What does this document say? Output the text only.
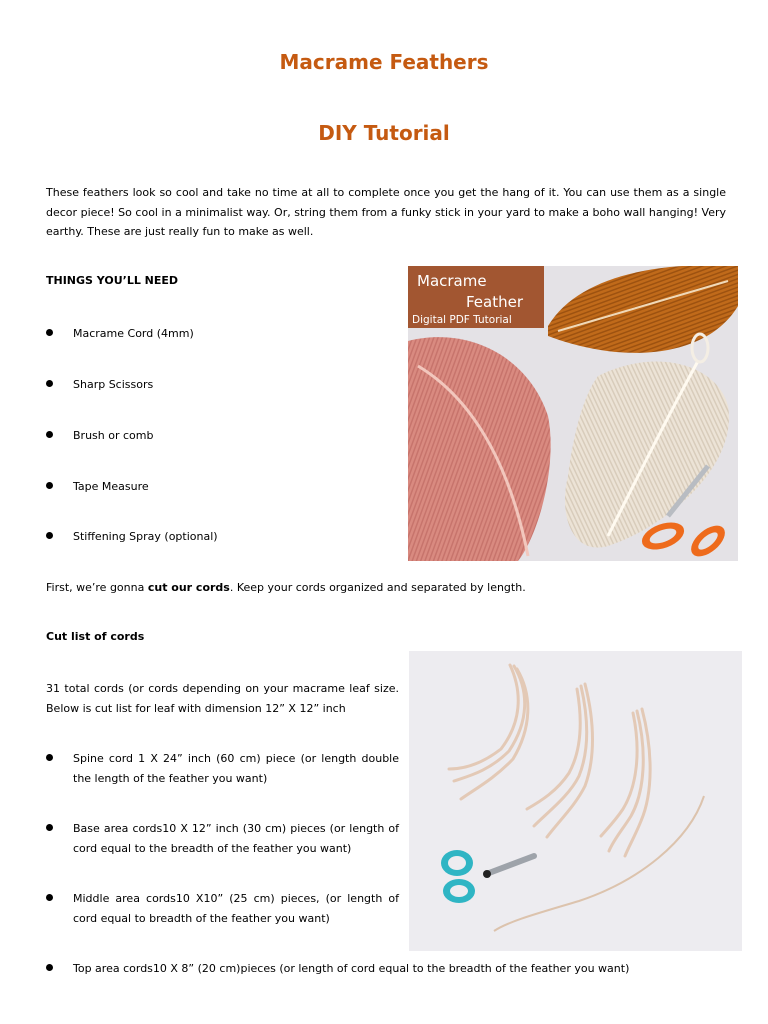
Macrame Feathers
DIY Tutorial
These feathers look so cool and take no time at all to complete once you get the hang of it. You can use them as a single decor piece! So cool in a minimalist way. Or, string them from a funky stick in your yard to make a boho wall hanging! Very earthy. These are just really fun to make as well.
THINGS YOU’LL NEED
Macrame Cord (4mm)
Sharp Scissors
Brush or comb
Tape Measure
Stiffening Spray (optional)
Macrame
Feather
Digital PDF Tutorial
First, we’re gonna cut our cords. Keep your cords organized and separated by length.
Cut list of cords
31 total cords (or cords depending on your macrame leaf size. Below is cut list for leaf with dimension 12” X 12” inch
Spine cord 1 X 24” inch (60 cm) piece (or length double the length of the feather you want)
Base area cords10 X 12” inch (30 cm) pieces (or length of cord equal to the breadth of the feather you want)
Middle area cords10 X10” (25 cm) pieces, (or length of cord equal to breadth of the feather you want)
Top area cords10 X 8” (20 cm)pieces (or length of cord equal to the breadth of the feather you want)
